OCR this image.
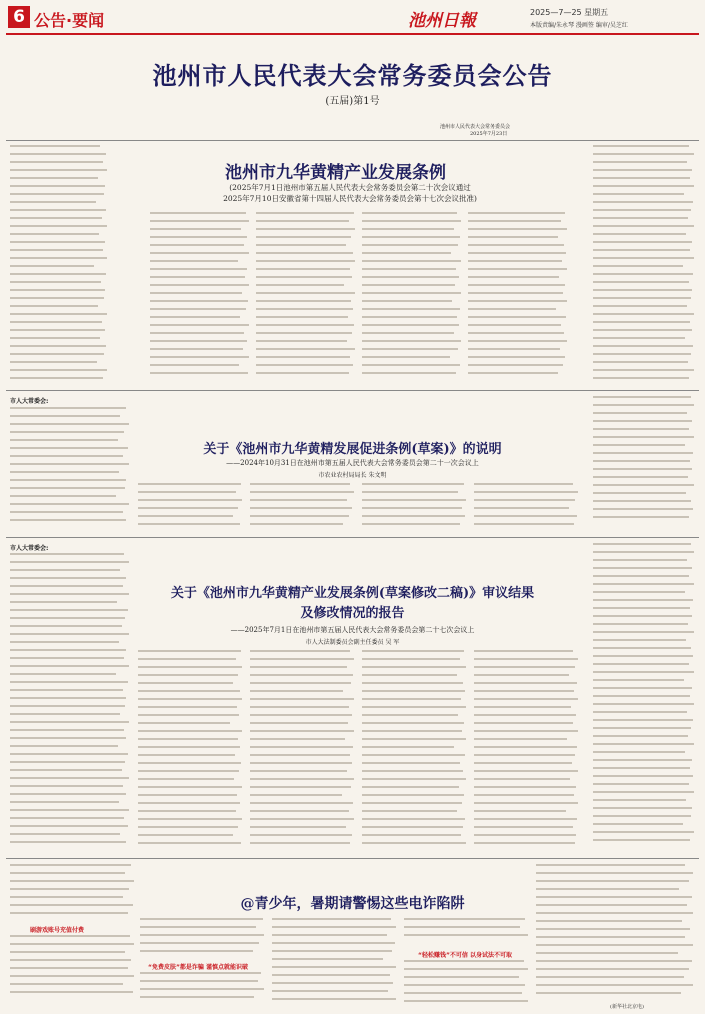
6 公告·要闻	池州日報	2025—7—25 星期五
本版责编/朱永琴 漫画签 编审/吴芝红
池州市人民代表大会常务委员会公告
(五届)第1号
池州市人民代表大会常务委员会
2025年7月23日
池州市九华黄精产业发展条例
(2025年7月1日池州市第五届人民代表大会常务委员会第二十次会议通过
2025年7月10日安徽省第十四届人民代表大会常务委员会第十七次会议批准)
关于《池州市九华黄精发展促进条例(草案)》的说明
——2024年10月31日在池州市第五届人民代表大会常务委员会第二十一次会议上
市农业农村局局长 朱文明
市人大常委会:
关于《池州市九华黄精产业发展条例(草案修改二稿)》审议结果
及修改情况的报告
——2025年7月1日在池州市第五届人民代表大会常务委员会第二十七次会议上
市人大法制委员会副主任委员 吴 军
市人大常委会:
@青少年，暑期请警惕这些电诈陷阱
刷游戏账号充值付费
“免费皮肤”都是诈骗 谨慎点就能识破
“轻松赚钱”不可信 以身试法不可取
(新华社北京电)
